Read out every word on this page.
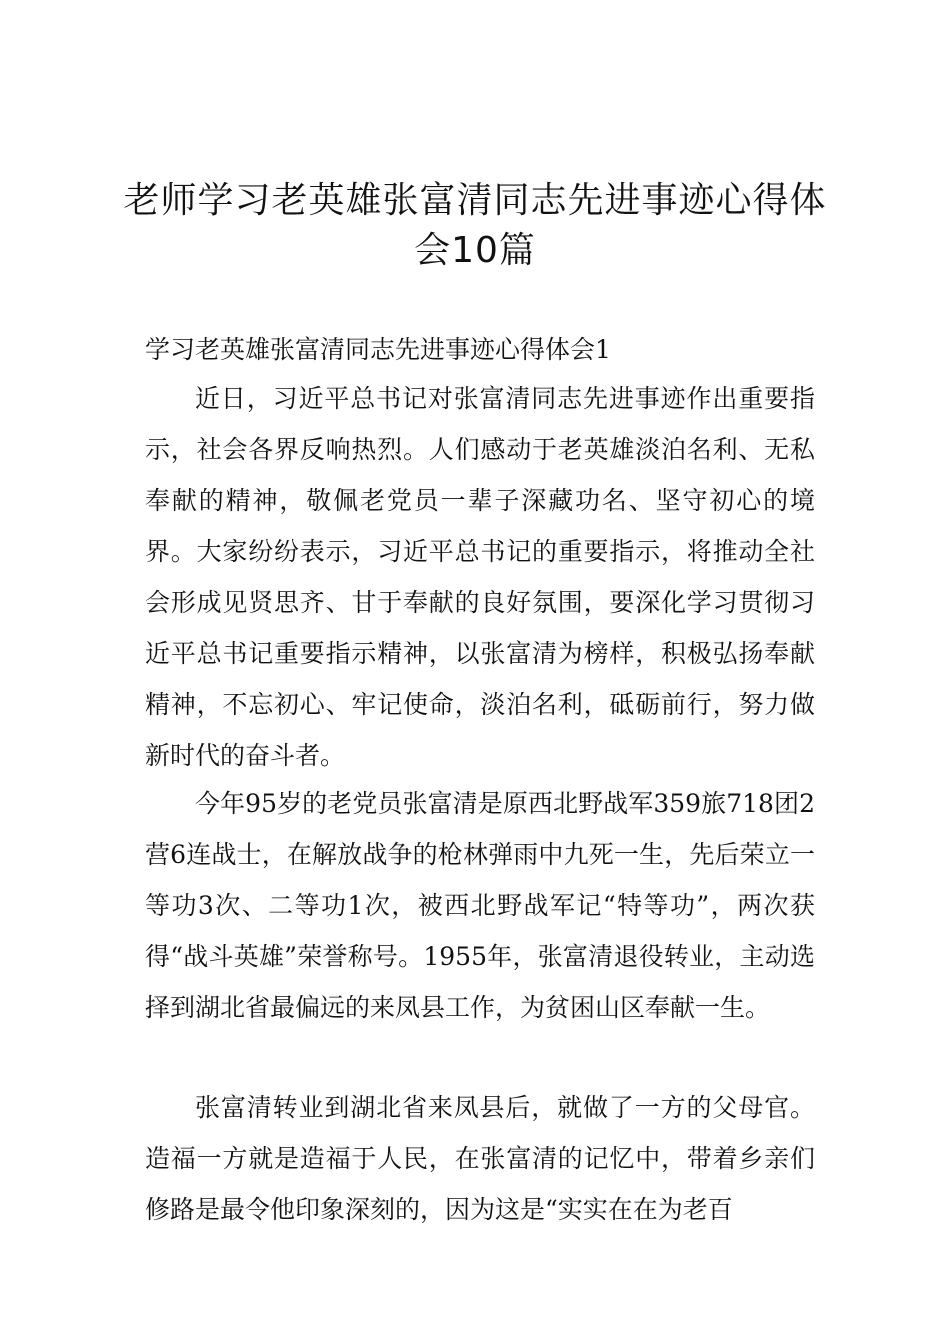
老师学习老英雄张富清同志先进事迹心得体会10篇

学习老英雄张富清同志先进事迹心得体会1

近日，习近平总书记对张富清同志先进事迹作出重要指示，社会各界反响热烈。人们感动于老英雄淡泊名利、无私奉献的精神，敬佩老党员一辈子深藏功名、坚守初心的境界。大家纷纷表示，习近平总书记的重要指示，将推动全社会形成见贤思齐、甘于奉献的良好氛围，要深化学习贯彻习近平总书记重要指示精神，以张富清为榜样，积极弘扬奉献精神，不忘初心、牢记使命，淡泊名利，砥砺前行，努力做新时代的奋斗者。

今年95岁的老党员张富清是原西北野战军359旅718团2营6连战士，在解放战争的枪林弹雨中九死一生，先后荣立一等功3次、二等功1次，被西北野战军记“特等功”，两次获得“战斗英雄”荣誉称号。1955年，张富清退役转业，主动选择到湖北省最偏远的来凤县工作，为贫困山区奉献一生。

张富清转业到湖北省来凤县后，就做了一方的父母官。造福一方就是造福于人民，在张富清的记忆中，带着乡亲们修路是最令他印象深刻的，因为这是“实实在在为老百
